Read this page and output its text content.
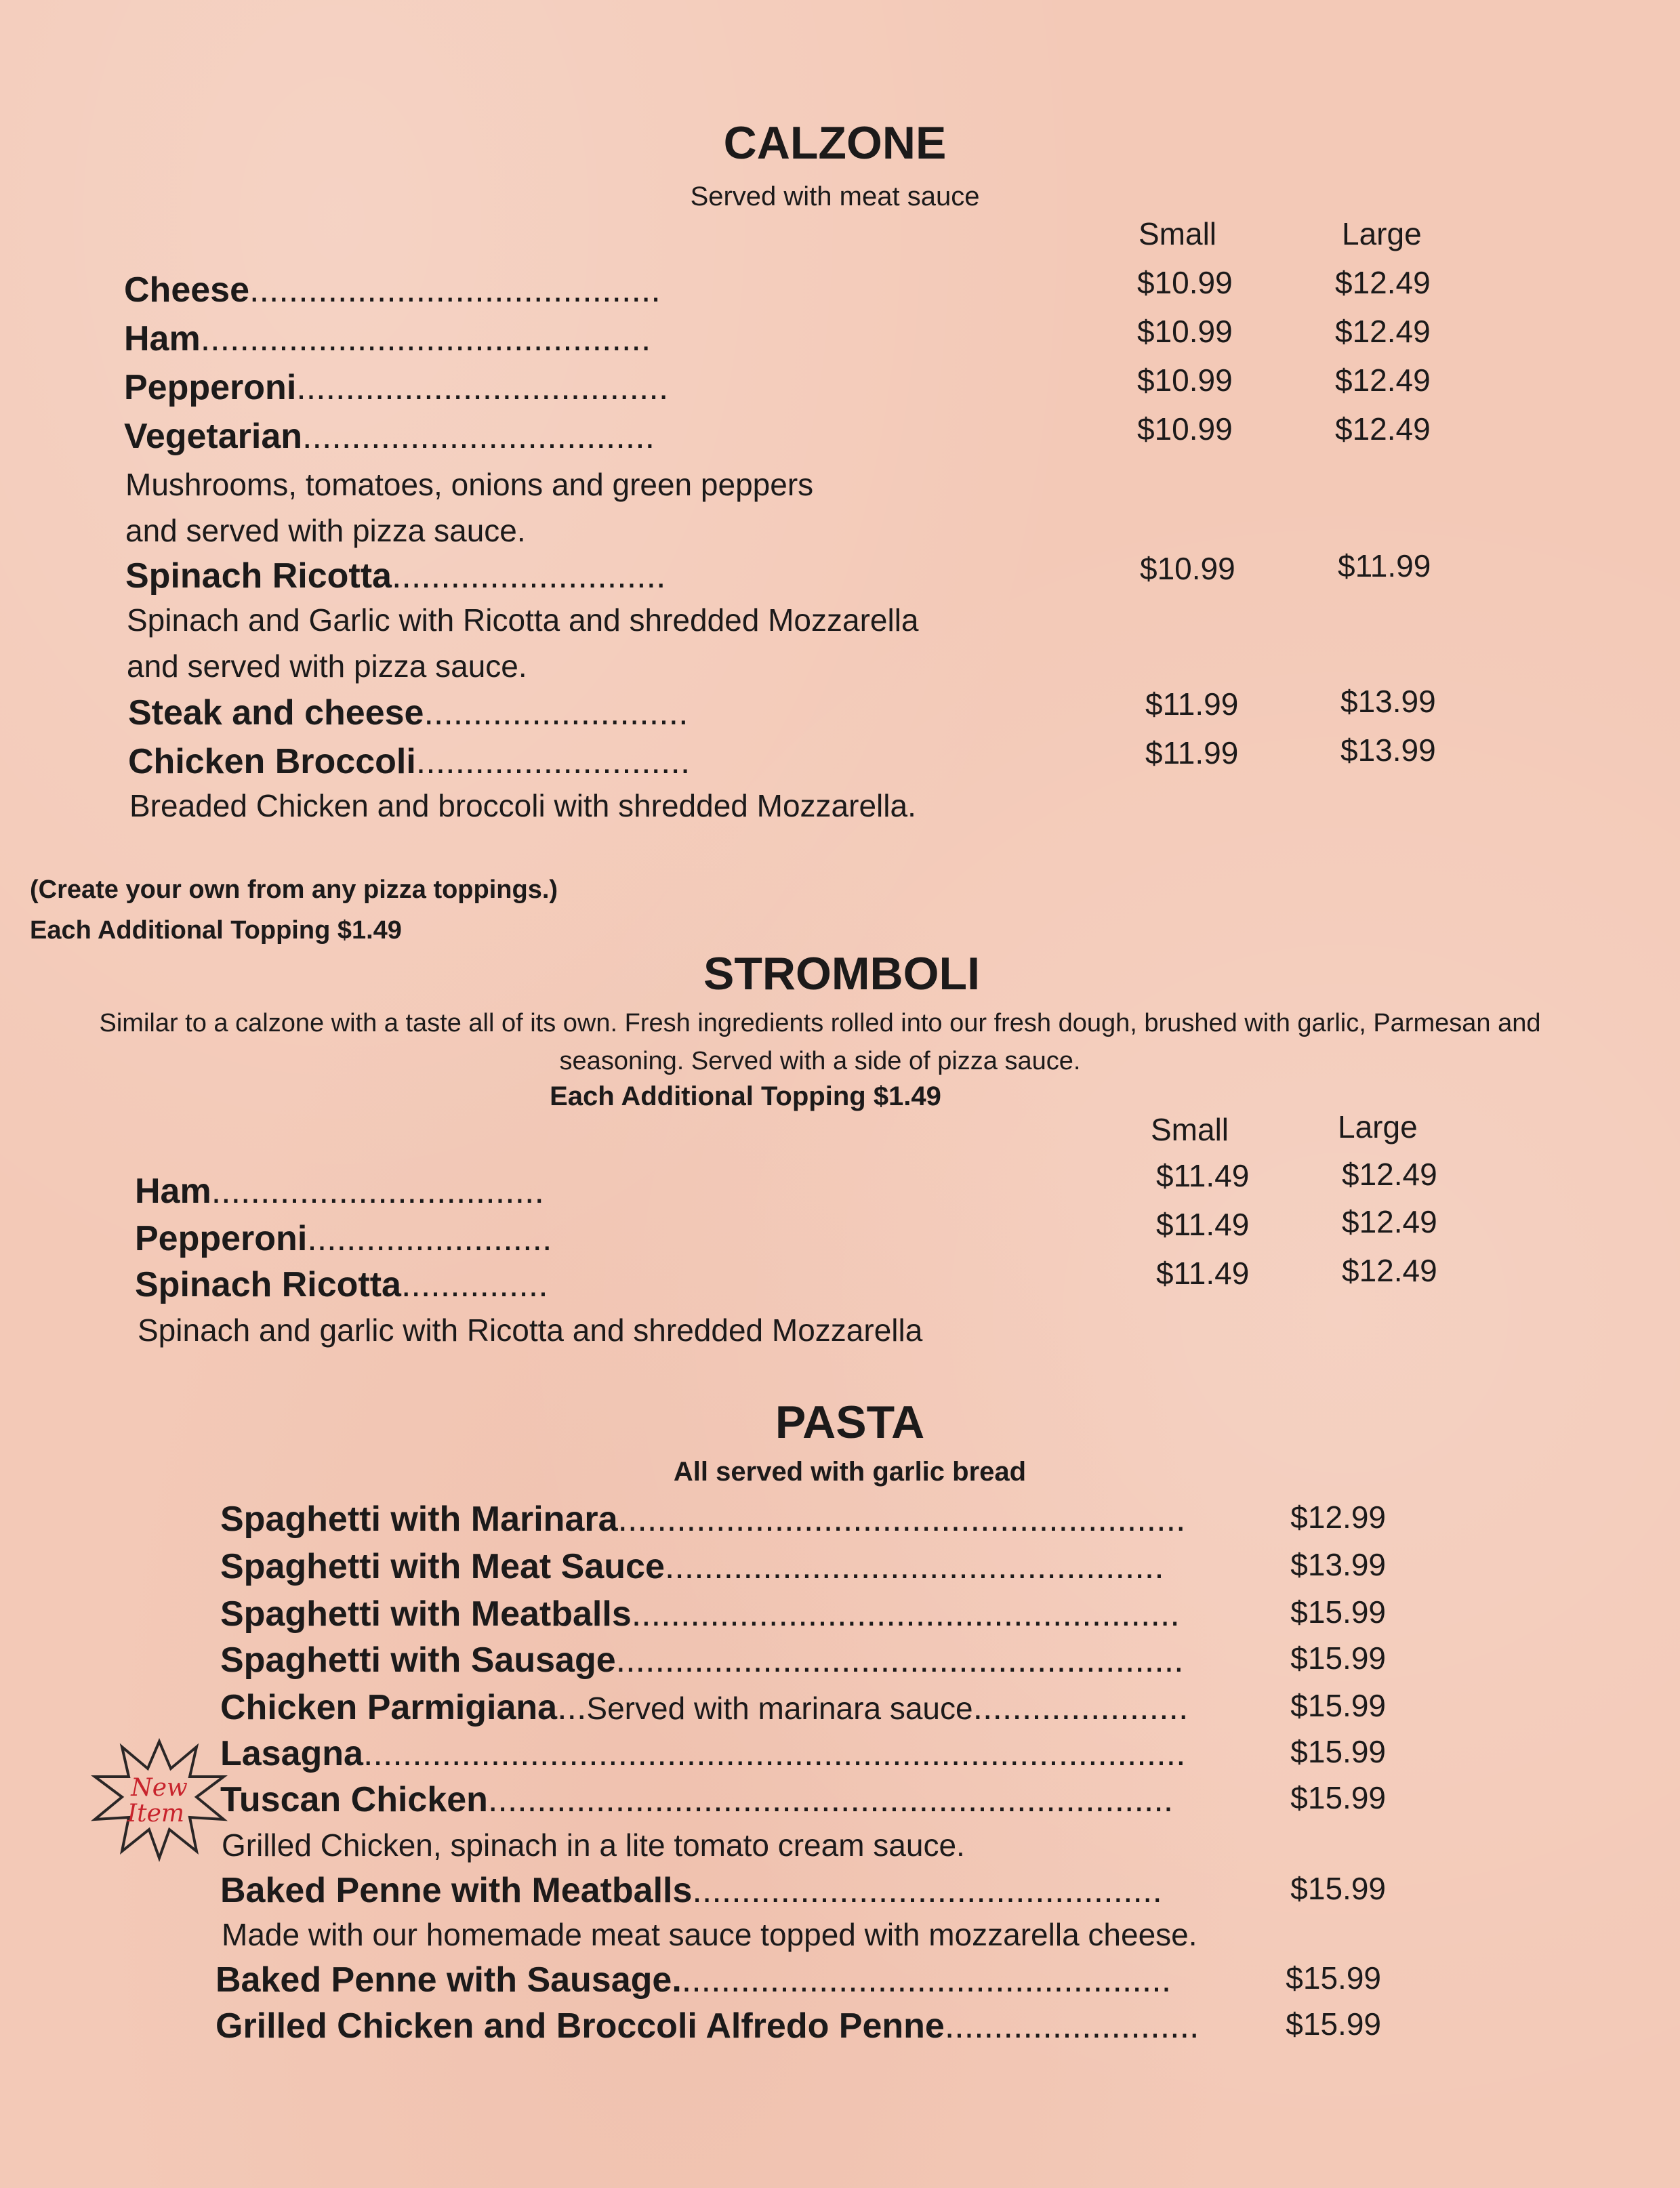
CALZONE
Served with meat sauce
Small	Large
Cheese..........................................	$10.99	$12.49
Ham..............................................	$10.99	$12.49
Pepperoni......................................	$10.99	$12.49
Vegetarian....................................	$10.99	$12.49
Mushrooms, tomatoes, onions and green peppers
and served with pizza sauce.
Spinach Ricotta............................	$10.99	$11.99
Spinach and Garlic with Ricotta and shredded Mozzarella
and served with pizza sauce.
Steak and cheese...........................	$11.99	$13.99
Chicken Broccoli............................	$11.99	$13.99
Breaded Chicken and broccoli with shredded Mozzarella.
(Create your own from any pizza toppings.)
Each Additional Topping $1.49
STROMBOLI
Similar to a calzone with a taste all of its own. Fresh ingredients rolled into our fresh dough, brushed with garlic, Parmesan and
seasoning. Served with a side of pizza sauce.
Each Additional Topping $1.49
Small	Large
Ham..................................	$11.49	$12.49
Pepperoni.........................	$11.49	$12.49
Spinach Ricotta...............	$11.49	$12.49
Spinach and garlic with Ricotta and shredded Mozzarella
PASTA
All served with garlic bread
Spaghetti with Marinara..........................................................	$12.99
Spaghetti with Meat Sauce...................................................	$13.99
Spaghetti with Meatballs........................................................	$15.99
Spaghetti with Sausage..........................................................	$15.99
Chicken Parmigiana...Served with marinara sauce......................	$15.99
Lasagna....................................................................................	$15.99
Tuscan Chicken......................................................................	$15.99
Grilled Chicken, spinach in a lite tomato cream sauce.
Baked Penne with Meatballs................................................	$15.99
Made with our homemade meat sauce topped with mozzarella cheese.
Baked Penne with Sausage...................................................	$15.99
Grilled Chicken and Broccoli Alfredo Penne..........................	$15.99
New
Item
